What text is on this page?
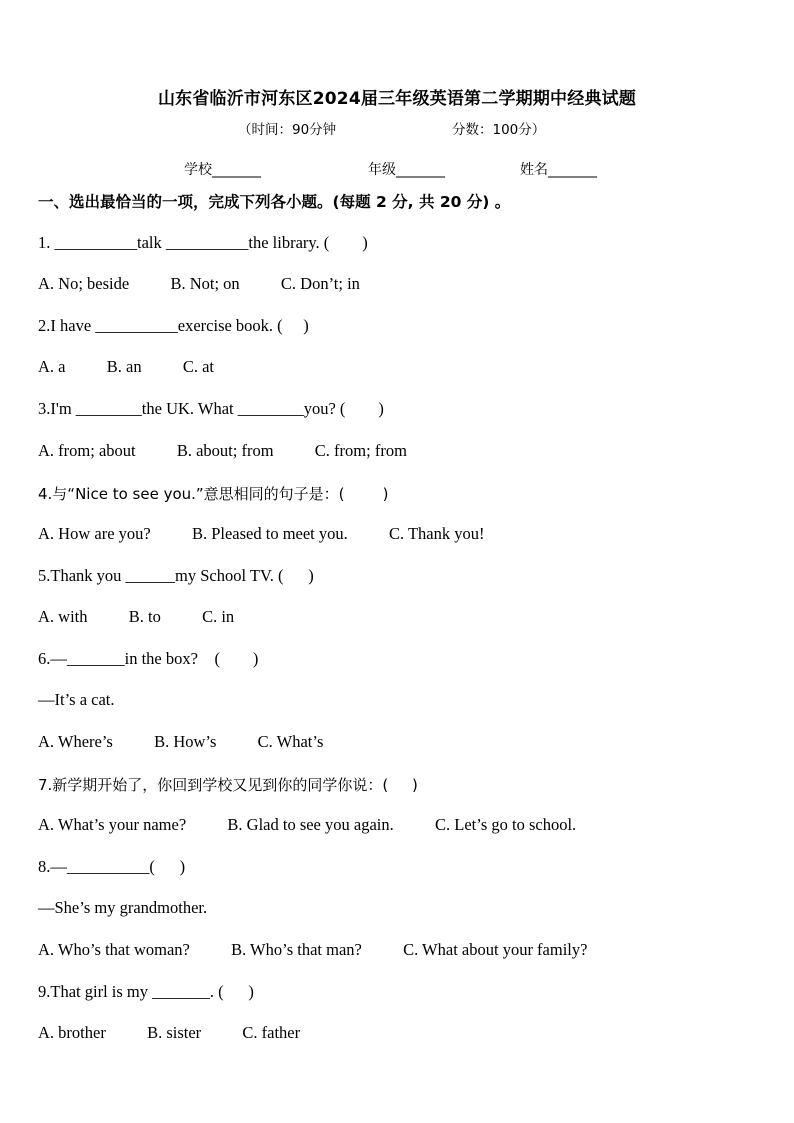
山东省临沂市河东区2024届三年级英语第二学期期中经典试题
（时间：90分钟	分数：100分）
学校_______	年级_______	姓名_______
一、选出最恰当的一项，完成下列各小题。(每题 2 分, 共 20 分) 。
1. __________talk __________the library. (        )
A. No; beside          B. Not; on          C. Don’t; in
2.I have __________exercise book. (     )
A. a          B. an          C. at
3.I'm ________the UK. What ________you? (        )
A. from; about          B. about; from          C. from; from
4.与“Nice to see you.”意思相同的句子是：(        )
A. How are you?          B. Pleased to meet you.          C. Thank you!
5.Thank you ______my School TV. (      )
A. with          B. to          C. in
6.—_______in the box?    (        )
—It’s a cat.
A. Where’s          B. How’s          C. What’s
7.新学期开始了，你回到学校又见到你的同学你说：(     )
A. What’s your name?          B. Glad to see you again.          C. Let’s go to school.
8.—__________(      )
—She’s my grandmother.
A. Who’s that woman?          B. Who’s that man?          C. What about your family?
9.That girl is my _______. (      )
A. brother          B. sister          C. father
